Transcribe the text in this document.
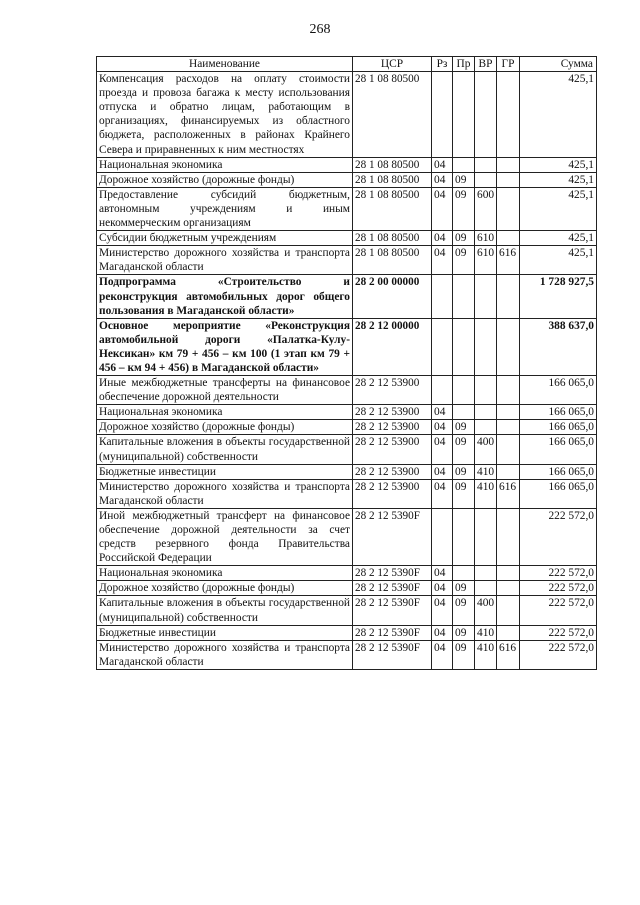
268
Наименование	ЦСР	Рз	Пр	ВР	ГР	Сумма
Компенсация расходов на оплату стоимости проезда и провоза багажа к месту использования отпуска и обратно лицам, работающим в организациях, финансируемых из областного бюджета, расположенных в районах Крайнего Севера и приравненных к ним местностях	28 1 08 80500					425,1
Национальная экономика	28 1 08 80500	04				425,1
Дорожное хозяйство (дорожные фонды)	28 1 08 80500	04	09			425,1
Предоставление субсидий бюджетным, автономным учреждениям и иным некоммерческим организациям	28 1 08 80500	04	09	600		425,1
Субсидии бюджетным учреждениям	28 1 08 80500	04	09	610		425,1
Министерство дорожного хозяйства и транспорта Магаданской области	28 1 08 80500	04	09	610	616	425,1
Подпрограмма «Строительство и реконструкция автомобильных дорог общего пользования в Магаданской области»	28 2 00 00000					1 728 927,5
Основное мероприятие «Реконструкция автомобильной дороги «Палатка-Кулу-Нексикан» км 79 + 456 – км 100 (1 этап км 79 + 456 – км 94 + 456) в Магаданской области»	28 2 12 00000					388 637,0
Иные межбюджетные трансферты на финансовое обеспечение дорожной деятельности	28 2 12 53900					166 065,0
Национальная экономика	28 2 12 53900	04				166 065,0
Дорожное хозяйство (дорожные фонды)	28 2 12 53900	04	09			166 065,0
Капитальные вложения в объекты государственной (муниципальной) собственности	28 2 12 53900	04	09	400		166 065,0
Бюджетные инвестиции	28 2 12 53900	04	09	410		166 065,0
Министерство дорожного хозяйства и транспорта Магаданской области	28 2 12 53900	04	09	410	616	166 065,0
Иной межбюджетный трансферт на финансовое обеспечение дорожной деятельности за счет средств резервного фонда Правительства Российской Федерации	28 2 12 5390F					222 572,0
Национальная экономика	28 2 12 5390F	04				222 572,0
Дорожное хозяйство (дорожные фонды)	28 2 12 5390F	04	09			222 572,0
Капитальные вложения в объекты государственной (муниципальной) собственности	28 2 12 5390F	04	09	400		222 572,0
Бюджетные инвестиции	28 2 12 5390F	04	09	410		222 572,0
Министерство дорожного хозяйства и транспорта Магаданской области	28 2 12 5390F	04	09	410	616	222 572,0
